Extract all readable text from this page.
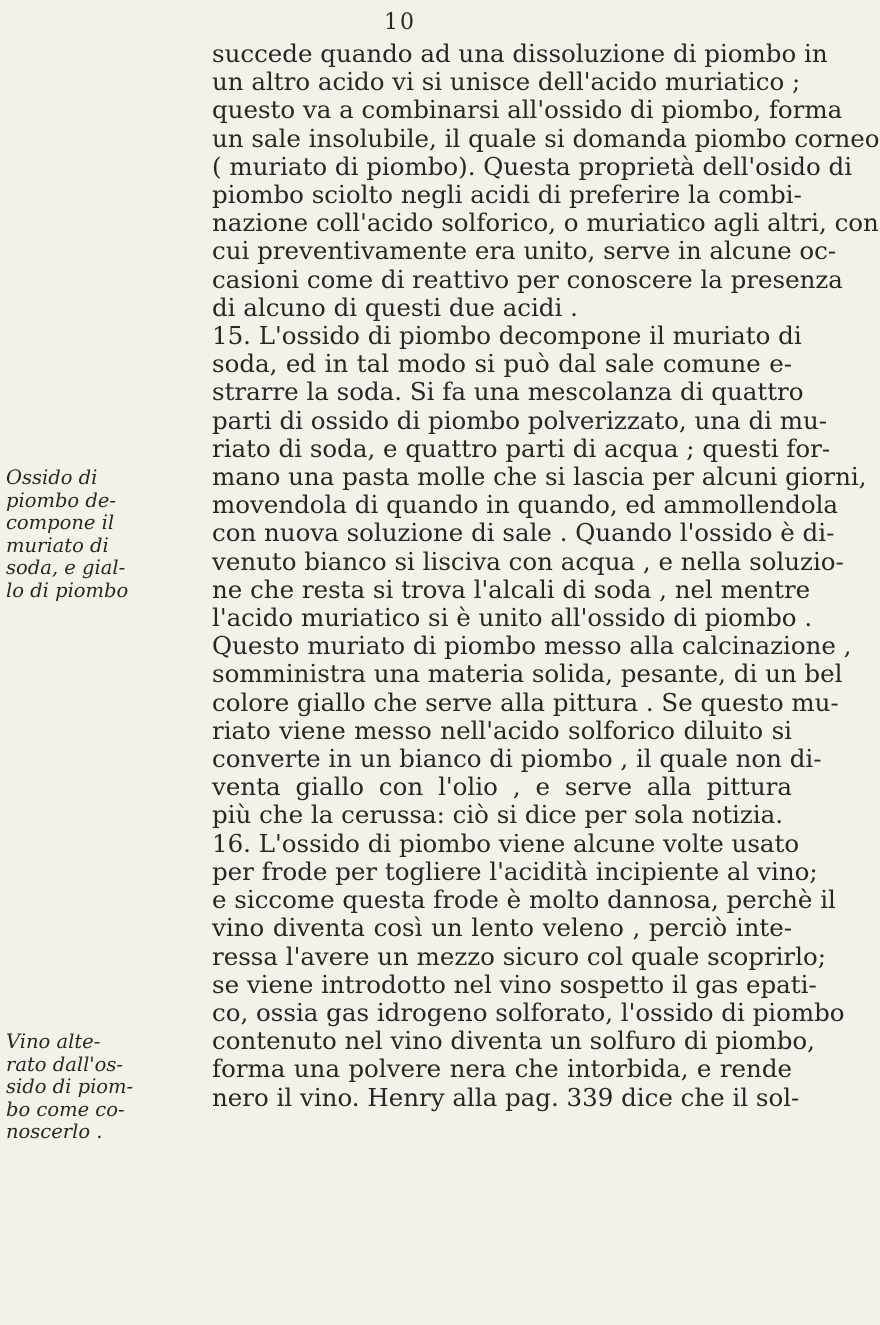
10
Ossido di
piombo de-
compone il
muriato di
soda, e gial-
lo di piombo
Vino alte-
rato dall'os-
sido di piom-
bo come co-
noscerlo .
succede quando ad una dissoluzione di piombo in
un altro acido vi si unisce dell'acido muriatico ;
questo va a combinarsi all'ossido di piombo, forma
un sale insolubile, il quale si domanda piombo corneo
( muriato di piombo). Questa proprietà dell'osido di
piombo sciolto negli acidi di preferire la combi-
nazione coll'acido solforico, o muriatico agli altri, con
cui preventivamente era unito, serve in alcune oc-
casioni come di reattivo per conoscere la presenza
di alcuno di questi due acidi .
15. L'ossido di piombo decompone il muriato di
soda, ed in tal modo si può dal sale comune e-
strarre la soda. Si fa una mescolanza di quattro
parti di ossido di piombo polverizzato, una di mu-
riato di soda, e quattro parti di acqua ; questi for-
mano una pasta molle che si lascia per alcuni giorni,
movendola di quando in quando, ed ammollendola
con nuova soluzione di sale . Quando l'ossido è di-
venuto bianco si lisciva con acqua , e nella soluzio-
ne che resta si trova l'alcali di soda , nel mentre
l'acido muriatico si è unito all'ossido di piombo .
Questo muriato di piombo messo alla calcinazione ,
somministra una materia solida, pesante, di un bel
colore giallo che serve alla pittura . Se questo mu-
riato viene messo nell'acido solforico diluito si
converte in un bianco di piombo , il quale non di-
venta giallo con l'olio , e serve alla pittura
più che la cerussa: ciò si dice per sola notizia.
16. L'ossido di piombo viene alcune volte usato
per frode per togliere l'acidità incipiente al vino;
e siccome questa frode è molto dannosa, perchè il
vino diventa così un lento veleno , perciò inte-
ressa l'avere un mezzo sicuro col quale scoprirlo;
se viene introdotto nel vino sospetto il gas epati-
co, ossia gas idrogeno solforato, l'ossido di piombo
contenuto nel vino diventa un solfuro di piombo,
forma una polvere nera che intorbida, e rende
nero il vino. Henry alla pag. 339 dice che il sol-
